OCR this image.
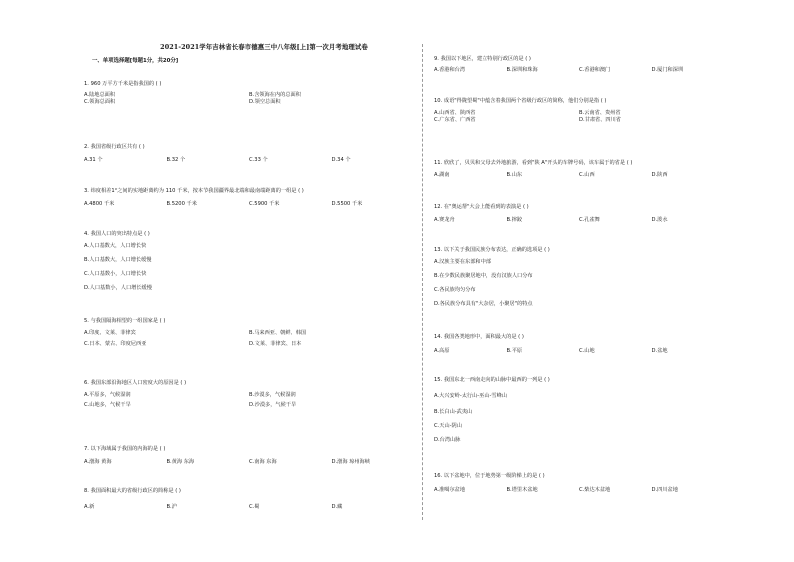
2021-2021学年吉林省长春市德惠三中八年级[上]第一次月考地理试卷
一、单项选择题[每题1分，共20分]
1. 960 万平方千米是指我国的 ( )
A.陆地总面积	B.含领海在内的总面积
C.领海总面积	D.领空总面积
2. 我国省级行政区共有 ( )
A.31 个	B.32 个	C.33 个	D.34 个
3. 纬度相差1°之间的实地距离约为 110 千米，按本节我国疆界最北端和最南端距离的一组是 ( )
A.4800 千米	B.5200 千米	C.5900 千米	D.5500 千米
4. 我国人口的突出特点是 ( )
A.人口基数大，人口增长快
B.人口基数大，人口增长缓慢
C.人口基数小，人口增长快
D.人口基数小，人口增长缓慢
5. 与我国隔海相望的一组国家是 ( )
A.印度、文莱、菲律宾	B.马来西亚、朝鲜、韩国
C.日本、蒙古、印度尼西亚	D.文莱、菲律宾、日本
6. 我国东部沿海地区人口密度大的原因是 ( )
A.平原多，气候湿润	B.沙漠多，气候湿润
C.山地多，气候干旱	D.沙漠多，气候干旱
7. 以下海域属于我国的内海的是 ( )
A.渤海 黄海	B.黄海 东海	C.南海 东海	D.渤海 琼州海峡
8. 我国面积最大的省级行政区的简称是 ( )
A.新	B.沪	C.蜀	D.藏
9. 我国以下地区，建立特别行政区的是 ( )
A.香港和台湾	B.深圳和珠海	C.香港和澳门	D.厦门和深圳
10. 成语"得陇望蜀"中蕴含着我国两个省级行政区的简称，他们分别是指 ( )
A.山西省、陕西省	B.云南省、贵州省
C.广东省、广西省	D.甘肃省、四川省
11. 欣欣了，贝贝和父母去外地旅游，看到"陕 A"开头的车牌号码，该车属于的省是 ( )
A.湖南	B.山东	C.山西	D.陕西
12. 在"奥运帮"大会上能看到的表演是 ( )
A.赛龙舟	B.摔跤	C.孔雀舞	D.泼水
13. 以下关于我国民族分布表达，正确的选项是 ( )
A.汉族主要在东部和中部
B.在少数民族聚居地中，没有汉族人口分布
C.各民族均匀分布
D.各民族分布具有"大杂居，小聚居"的特点
14. 我国各类地形中，面积最大的是 ( )
A.高原	B.平原	C.山地	D.盆地
15. 我国东北一西南走向的山脉中最西的一列是 ( )
A.大兴安岭-太行山-巫山-雪峰山
B.长白山-武夷山
C.天山-阴山
D.台湾山脉
16. 以下盆地中，位于地势第一级阶梯上的是 ( )
A.准噶尔盆地	B.塔里木盆地	C.柴达木盆地	D.四川盆地
